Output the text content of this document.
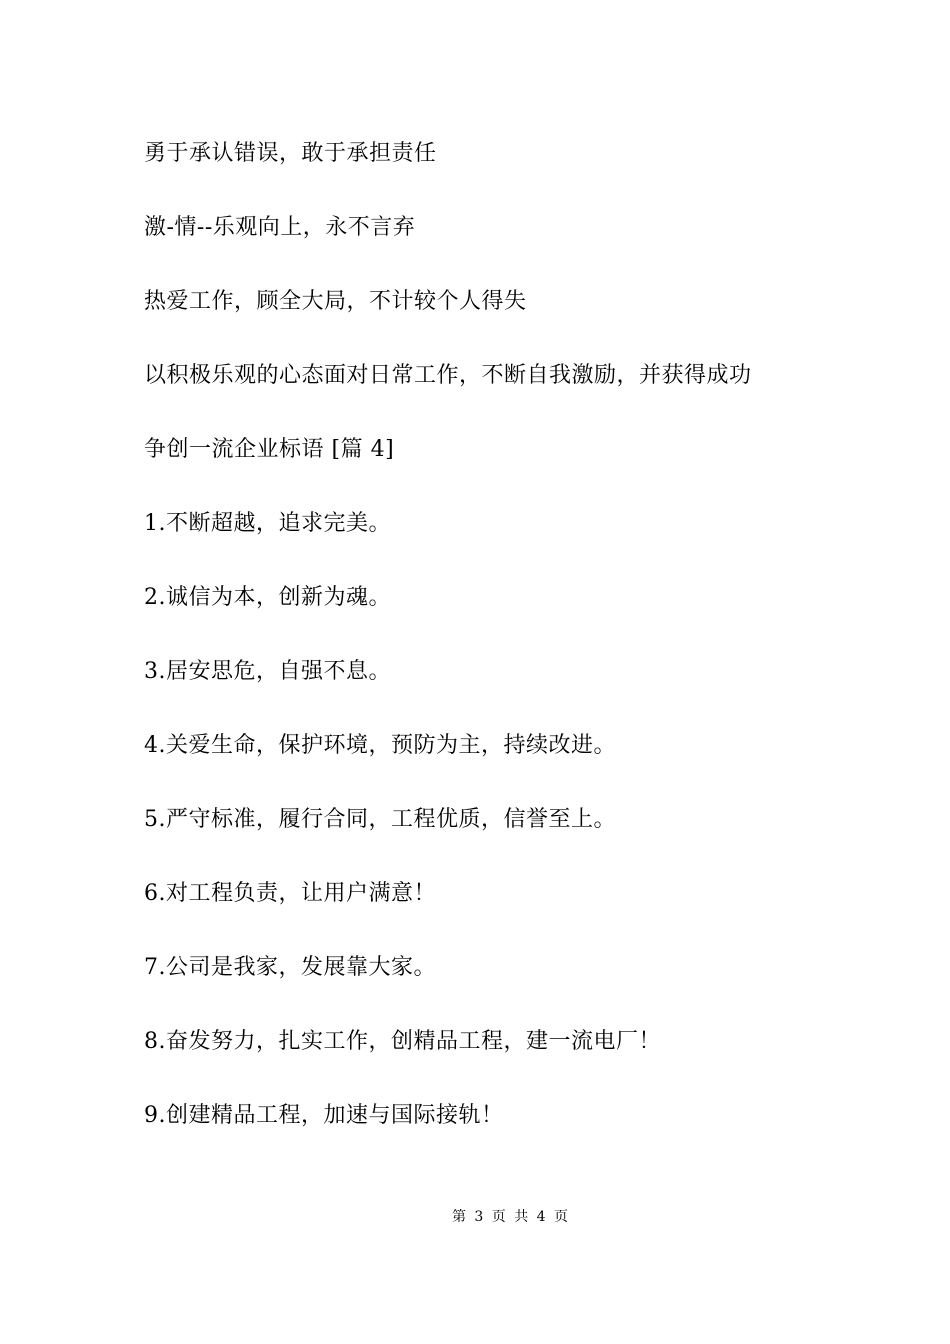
勇于承认错误，敢于承担责任
激-情--乐观向上，永不言弃
热爱工作，顾全大局，不计较个人得失
以积极乐观的心态面对日常工作，不断自我激励，并获得成功
争创一流企业标语 [篇 4]
1.不断超越，追求完美。
2.诚信为本，创新为魂。
3.居安思危，自强不息。
4.关爱生命，保护环境，预防为主，持续改进。
5.严守标准，履行合同，工程优质，信誉至上。
6.对工程负责，让用户满意！
7.公司是我家，发展靠大家。
8.奋发努力，扎实工作，创精品工程，建一流电厂！
9.创建精品工程，加速与国际接轨！
第 3 页 共 4 页
